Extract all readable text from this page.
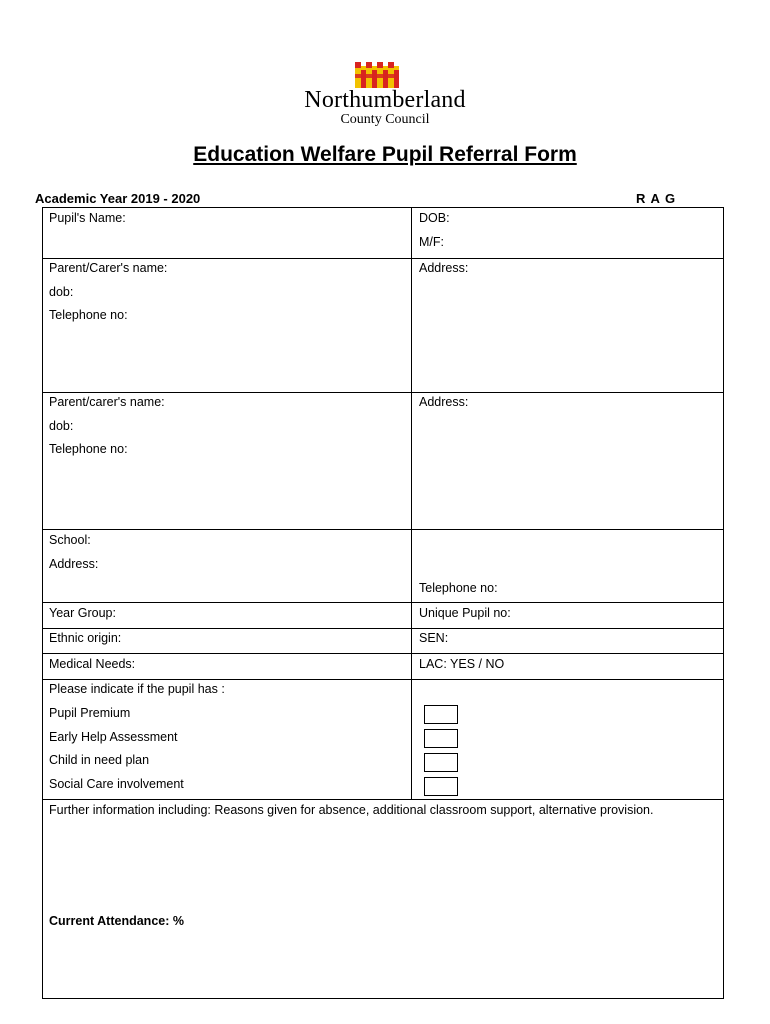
Northumberland
County Council
Education Welfare Pupil Referral Form
Academic Year 2019 - 2020	R A G
Pupil's Name:	DOB:
M/F:
Parent/Carer's name:
dob:
Telephone no:
Address:
Parent/carer's name:
dob:
Telephone no:
Address:
School:
Address:
Telephone no:
Year Group:	Unique Pupil no:
Ethnic origin:	SEN:
Medical Needs:	LAC: YES / NO
Please indicate if the pupil has :
Pupil Premium
Early Help Assessment
Child in need plan
Social Care involvement
Further information including: Reasons given for absence, additional classroom support, alternative provision.
Current Attendance: %
